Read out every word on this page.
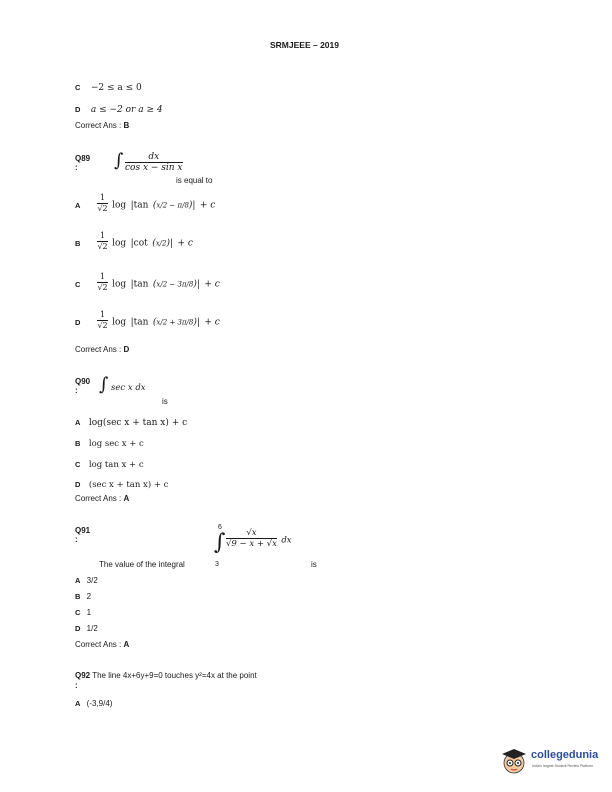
SRMJEEE – 2019
C −2 ≤ a ≤ 0
D a ≤ −2 or a ≥ 4
Correct Ans : B
Q89
:	∫ $\frac{dx}{\text{cos x − sin x}}$
is equal to
A $\frac{1}{√2}$ log |tan (x/2 − π/8)| + c
B $\frac{1}{√2}$ log |cot (x/2)| + c
C $\frac{1}{√2}$ log |tan (x/2 − 3π/8)| + c
D $\frac{1}{√2}$ log |tan (x/2 + 3π/8)| + c
Correct Ans : D
Q90
:	∫ sec x dx
is
A log(sec x + tan x) + c
B log sec x + c
C log tan x + c
D (sec x + tan x) + c
Correct Ans : A
Q91
:
6
∫
3
$\frac{√x}{√9 - x + √x}$ dx
The value of the integral	is
A 3/2
B 2
C 1
D 1/2
Correct Ans : A
Q92 The line 4x+6y+9=0 touches y²=4x at the point
:
A (-3,9/4)
collegedunia
India's largest Student Review Platform
